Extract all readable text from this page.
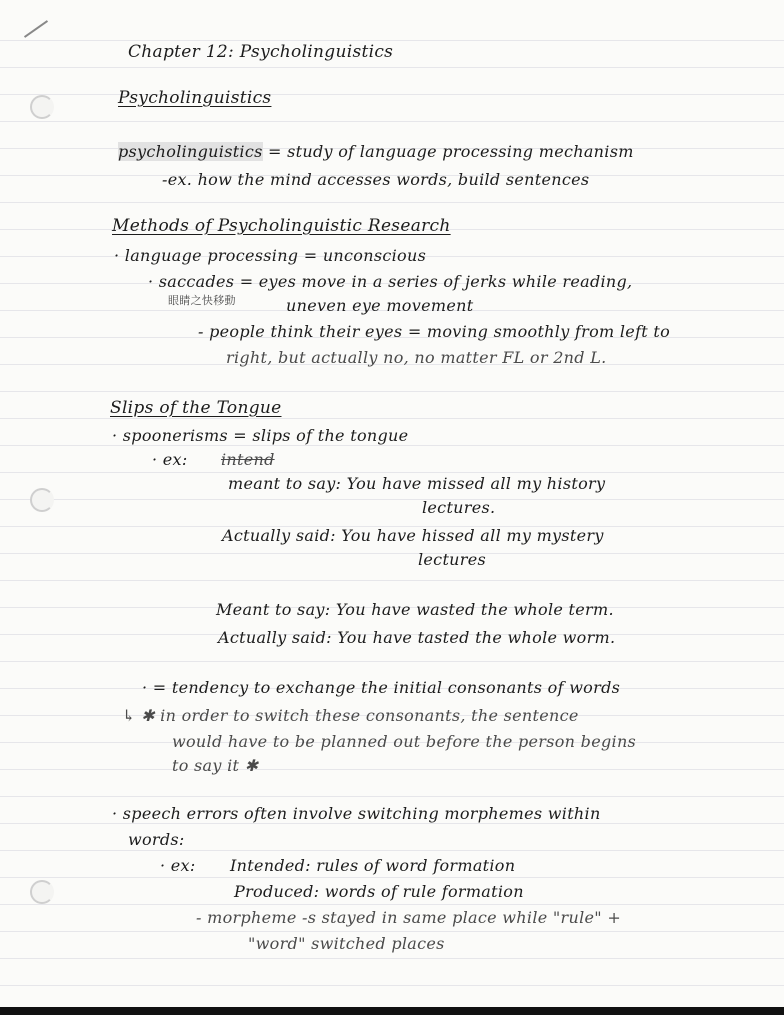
Chapter 12: Psycholinguistics
Psycholinguistics
psycholinguistics = study of language processing mechanism
-ex. how the mind accesses words, build sentences
Methods of Psycholinguistic Research
· language processing = unconscious
· saccades = eyes move in a series of jerks while reading,
眼睛之快移動	uneven eye movement
- people think their eyes = moving smoothly from left to
right, but actually no, no matter FL or 2nd L.
Slips of the Tongue
· spoonerisms = slips of the tongue
· ex: intend
meant to say: You have missed all my history
lectures.
Actually said: You have hissed all my mystery
lectures
Meant to say: You have wasted the whole term.
Actually said: You have tasted the whole worm.
· = tendency to exchange the initial consonants of words
↳ ✱ in order to switch these consonants, the sentence
would have to be planned out before the person begins
to say it ✱
· speech errors often involve switching morphemes within
words:
· ex: Intended: rules of word formation
Produced: words of rule formation
- morpheme -s stayed in same place while "rule" +
"word" switched places
